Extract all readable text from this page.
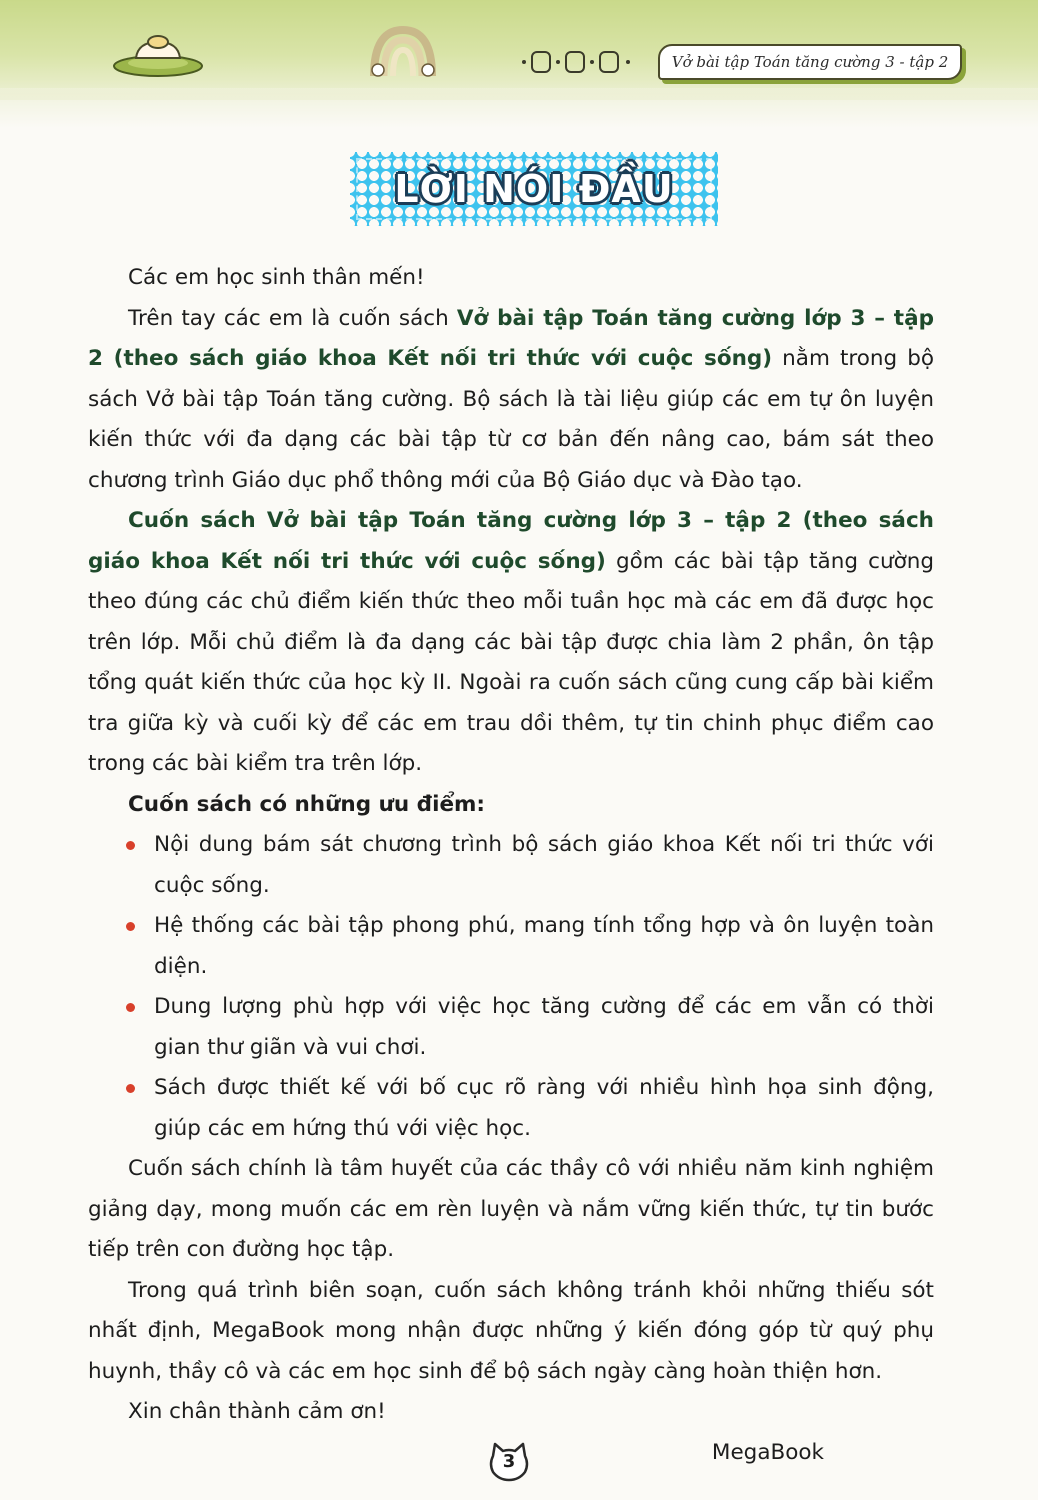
Vở bài tập Toán tăng cường 3 - tập 2
LỜI NÓI ĐẦU

Các em học sinh thân mến!

Trên tay các em là cuốn sách Vở bài tập Toán tăng cường lớp 3 – tập 2 (theo sách giáo khoa Kết nối tri thức với cuộc sống) nằm trong bộ sách Vở bài tập Toán tăng cường. Bộ sách là tài liệu giúp các em tự ôn luyện kiến thức với đa dạng các bài tập từ cơ bản đến nâng cao, bám sát theo chương trình Giáo dục phổ thông mới của Bộ Giáo dục và Đào tạo.

Cuốn sách Vở bài tập Toán tăng cường lớp 3 – tập 2 (theo sách giáo khoa Kết nối tri thức với cuộc sống) gồm các bài tập tăng cường theo đúng các chủ điểm kiến thức theo mỗi tuần học mà các em đã được học trên lớp. Mỗi chủ điểm là đa dạng các bài tập được chia làm 2 phần, ôn tập tổng quát kiến thức của học kỳ II. Ngoài ra cuốn sách cũng cung cấp bài kiểm tra giữa kỳ và cuối kỳ để các em trau dồi thêm, tự tin chinh phục điểm cao trong các bài kiểm tra trên lớp.

Cuốn sách có những ưu điểm:

Nội dung bám sát chương trình bộ sách giáo khoa Kết nối tri thức với cuộc sống.
Hệ thống các bài tập phong phú, mang tính tổng hợp và ôn luyện toàn diện.
Dung lượng phù hợp với việc học tăng cường để các em vẫn có thời gian thư giãn và vui chơi.
Sách được thiết kế với bố cục rõ ràng với nhiều hình họa sinh động, giúp các em hứng thú với việc học.

Cuốn sách chính là tâm huyết của các thầy cô với nhiều năm kinh nghiệm giảng dạy, mong muốn các em rèn luyện và nắm vững kiến thức, tự tin bước tiếp trên con đường học tập.

Trong quá trình biên soạn, cuốn sách không tránh khỏi những thiếu sót nhất định, MegaBook mong nhận được những ý kiến đóng góp từ quý phụ huynh, thầy cô và các em học sinh để bộ sách ngày càng hoàn thiện hơn.

Xin chân thành cảm ơn!

MegaBook

3
